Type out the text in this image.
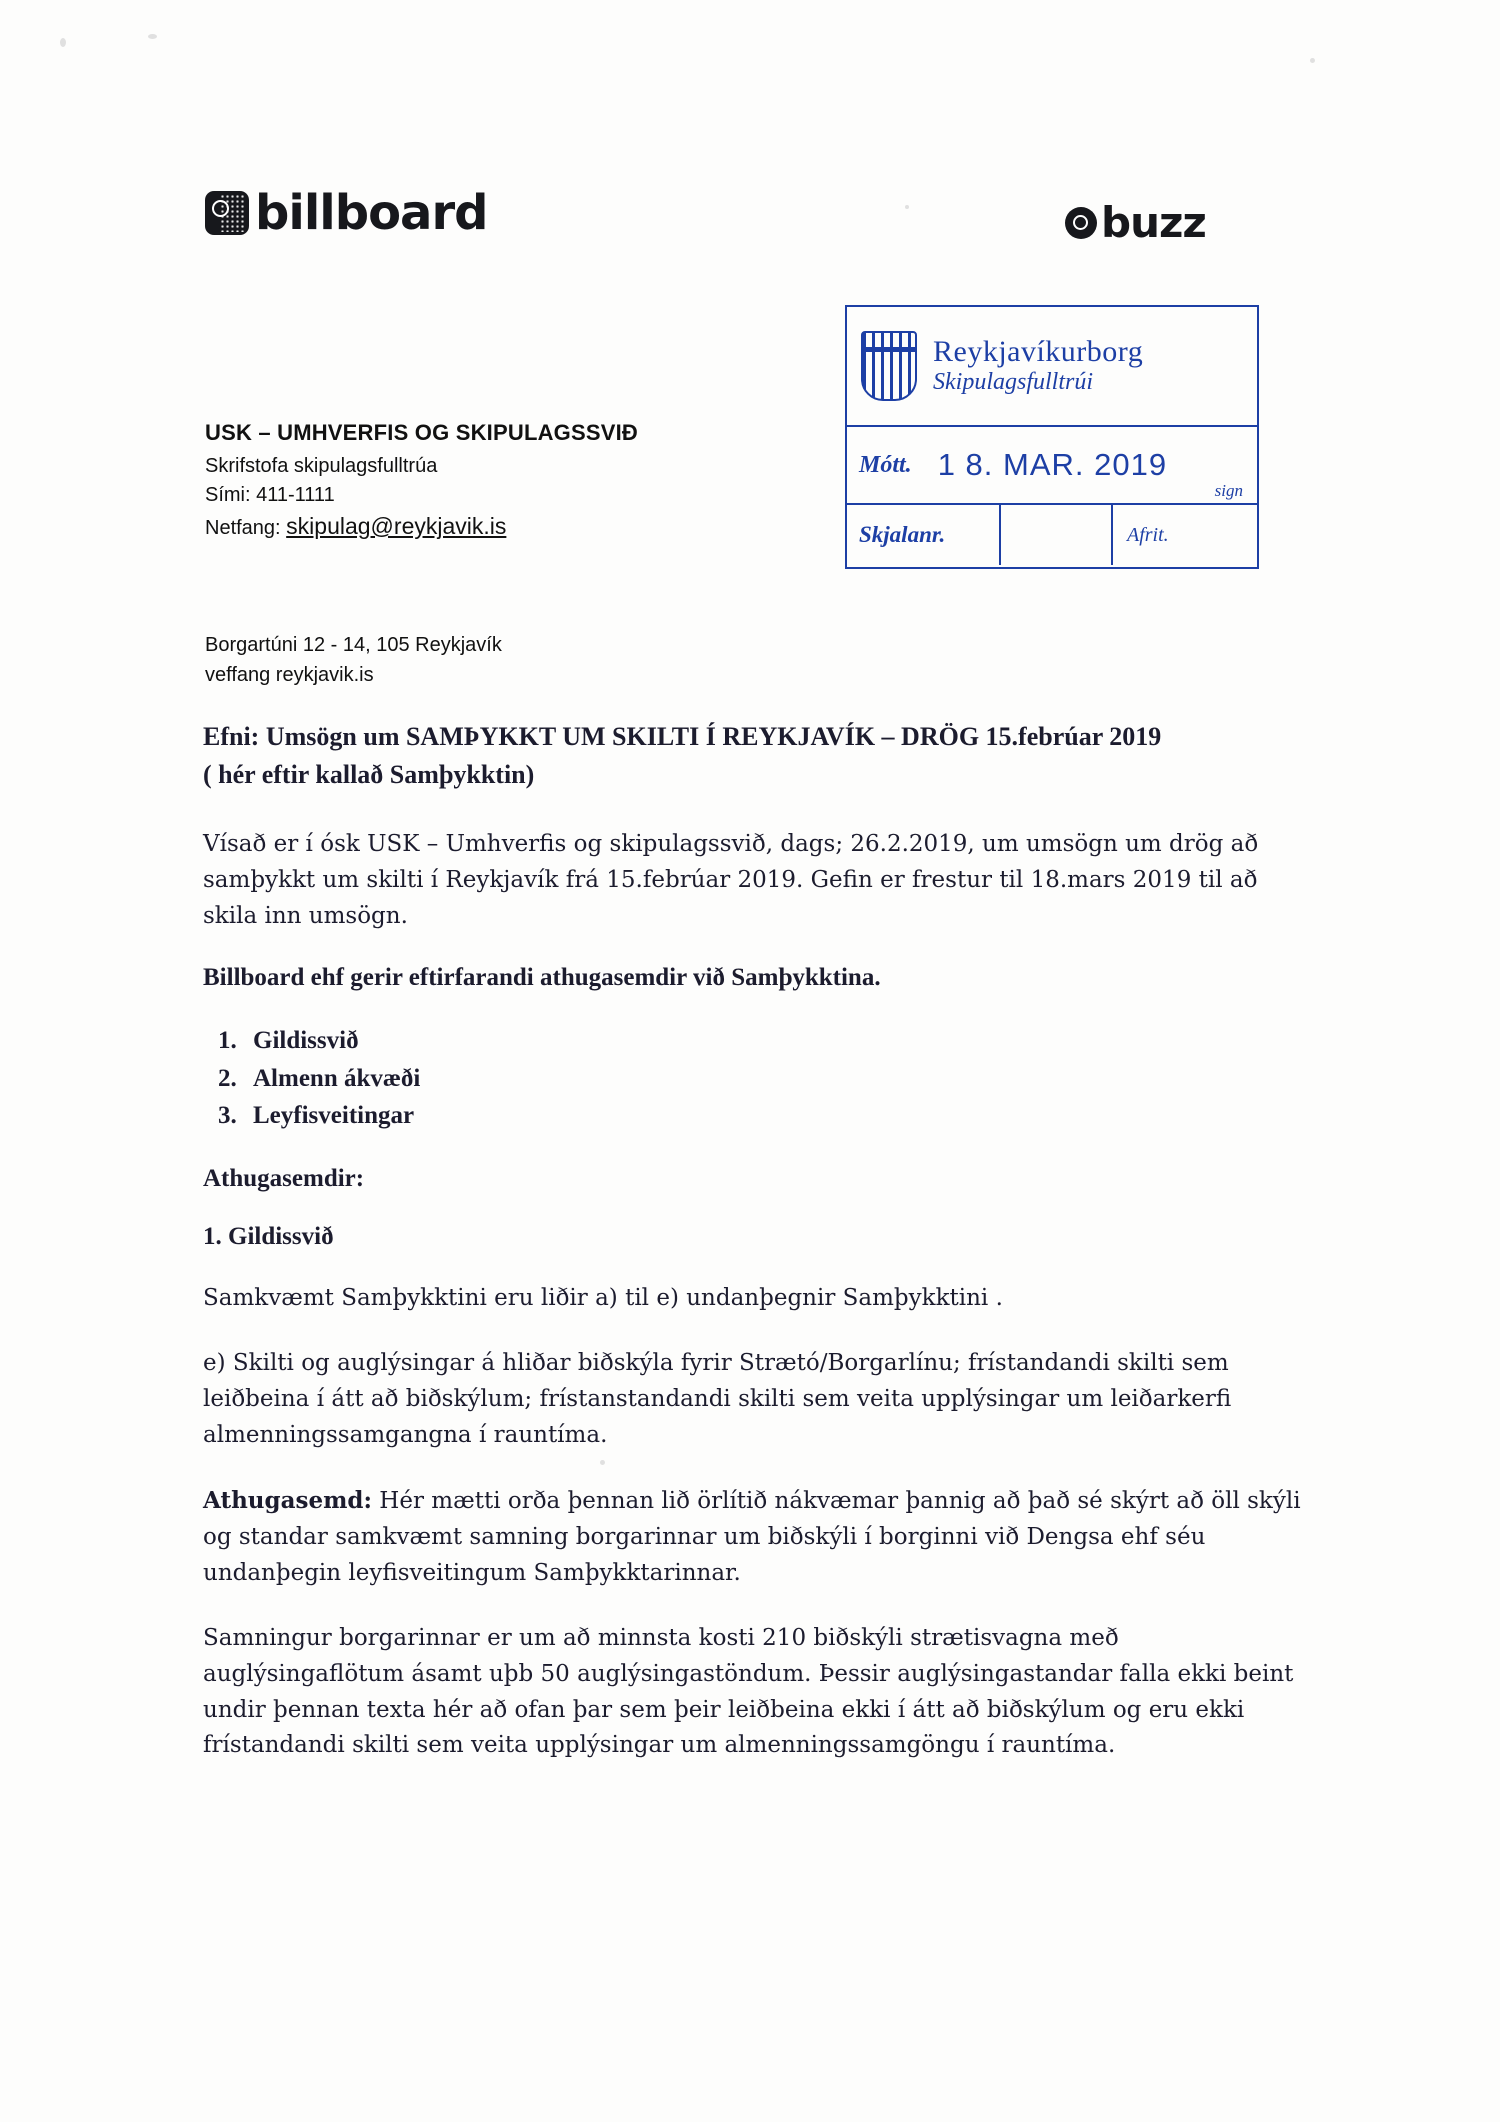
billboard	buzz
Reykjavíkurborg
Skipulagsfulltrúi
Mótt. 1 8. MAR. 2019
sign
Skjalanr.	Afrit.
USK – UMHVERFIS OG SKIPULAGSSVIÐ
Skrifstofa skipulagsfulltrúa
Sími: 411-1111
Netfang: skipulag@reykjavik.is
Borgartúni 12 - 14, 105 Reykjavík
veffang reykjavik.is
Efni: Umsögn um SAMÞYKKT UM SKILTI Í REYKJAVÍK – DRÖG 15.febrúar 2019
( hér eftir kallað Samþykktin)
Vísað er í ósk USK – Umhverfis og skipulagssvið, dags; 26.2.2019, um umsögn um drög að samþykkt um skilti í Reykjavík frá 15.febrúar 2019. Gefin er frestur til 18.mars 2019 til að skila inn umsögn.
Billboard ehf gerir eftirfarandi athugasemdir við Samþykktina.
1. Gildissvið
2. Almenn ákvæði
3. Leyfisveitingar
Athugasemdir:
1. Gildissvið
Samkvæmt Samþykktini eru liðir a) til e) undanþegnir Samþykktini .
e) Skilti og auglýsingar á hliðar biðskýla fyrir Strætó/Borgarlínu; frístandandi skilti sem leiðbeina í átt að biðskýlum; frístanstandandi skilti sem veita upplýsingar um leiðarkerfi almenningssamgangna í rauntíma.
Athugasemd: Hér mætti orða þennan lið örlítið nákvæmar þannig að það sé skýrt að öll skýli og standar samkvæmt samning borgarinnar um biðskýli í borginni við Dengsa ehf séu undanþegin leyfisveitingum Samþykktarinnar.
Samningur borgarinnar er um að minnsta kosti 210 biðskýli strætisvagna með auglýsingaflötum ásamt uþb 50 auglýsingastöndum. Þessir auglýsingastandar falla ekki beint undir þennan texta hér að ofan þar sem þeir leiðbeina ekki í átt að biðskýlum og eru ekki frístandandi skilti sem veita upplýsingar um almenningssamgöngu í rauntíma.
